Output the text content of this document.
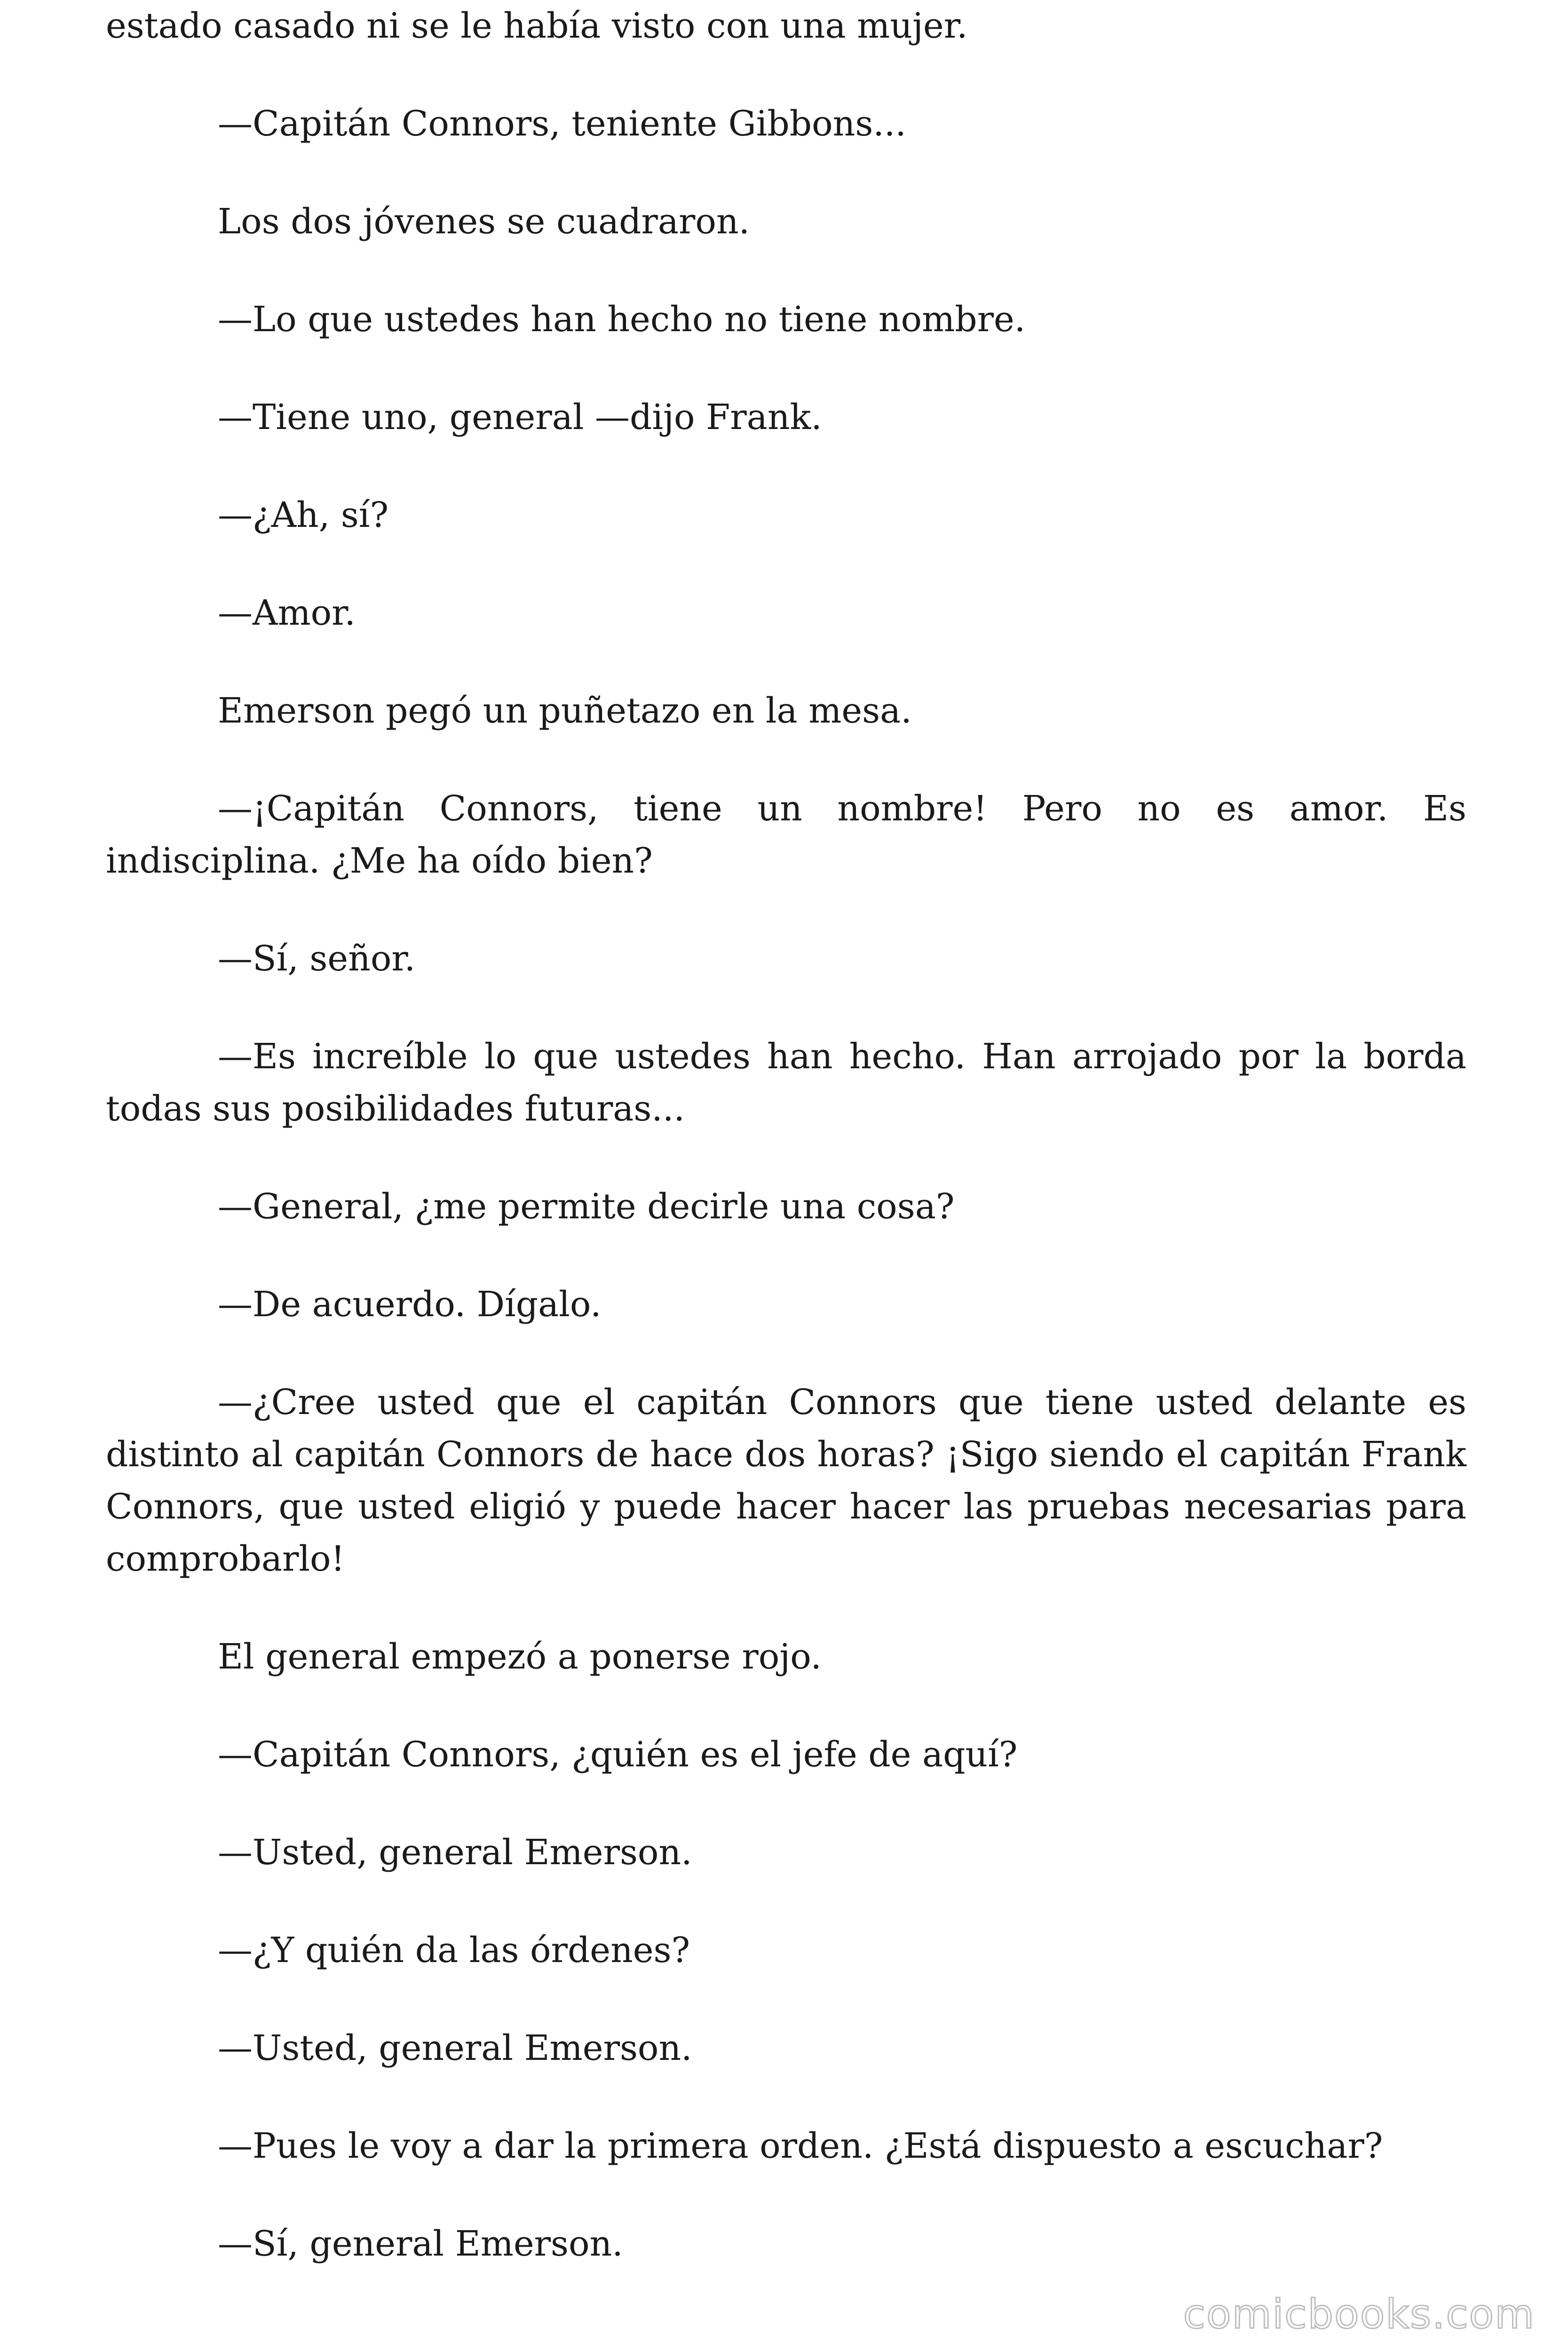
estado casado ni se le había visto con una mujer.

—Capitán Connors, teniente Gibbons...

Los dos jóvenes se cuadraron.

—Lo que ustedes han hecho no tiene nombre.

—Tiene uno, general —dijo Frank.

—¿Ah, sí?

—Amor.

Emerson pegó un puñetazo en la mesa.

—¡Capitán Connors, tiene un nombre! Pero no es amor. Es indisciplina. ¿Me ha oído bien?

—Sí, señor.

—Es increíble lo que ustedes han hecho. Han arrojado por la borda todas sus posibilidades futuras...

—General, ¿me permite decirle una cosa?

—De acuerdo. Dígalo.

—¿Cree usted que el capitán Connors que tiene usted delante es distinto al capitán Connors de hace dos horas? ¡Sigo siendo el capitán Frank Connors, que usted eligió y puede hacer hacer las pruebas necesarias para comprobarlo!

El general empezó a ponerse rojo.

—Capitán Connors, ¿quién es el jefe de aquí?

—Usted, general Emerson.

—¿Y quién da las órdenes?

—Usted, general Emerson.

—Pues le voy a dar la primera orden. ¿Está dispuesto a escuchar?

—Sí, general Emerson.

comicbooks.com
